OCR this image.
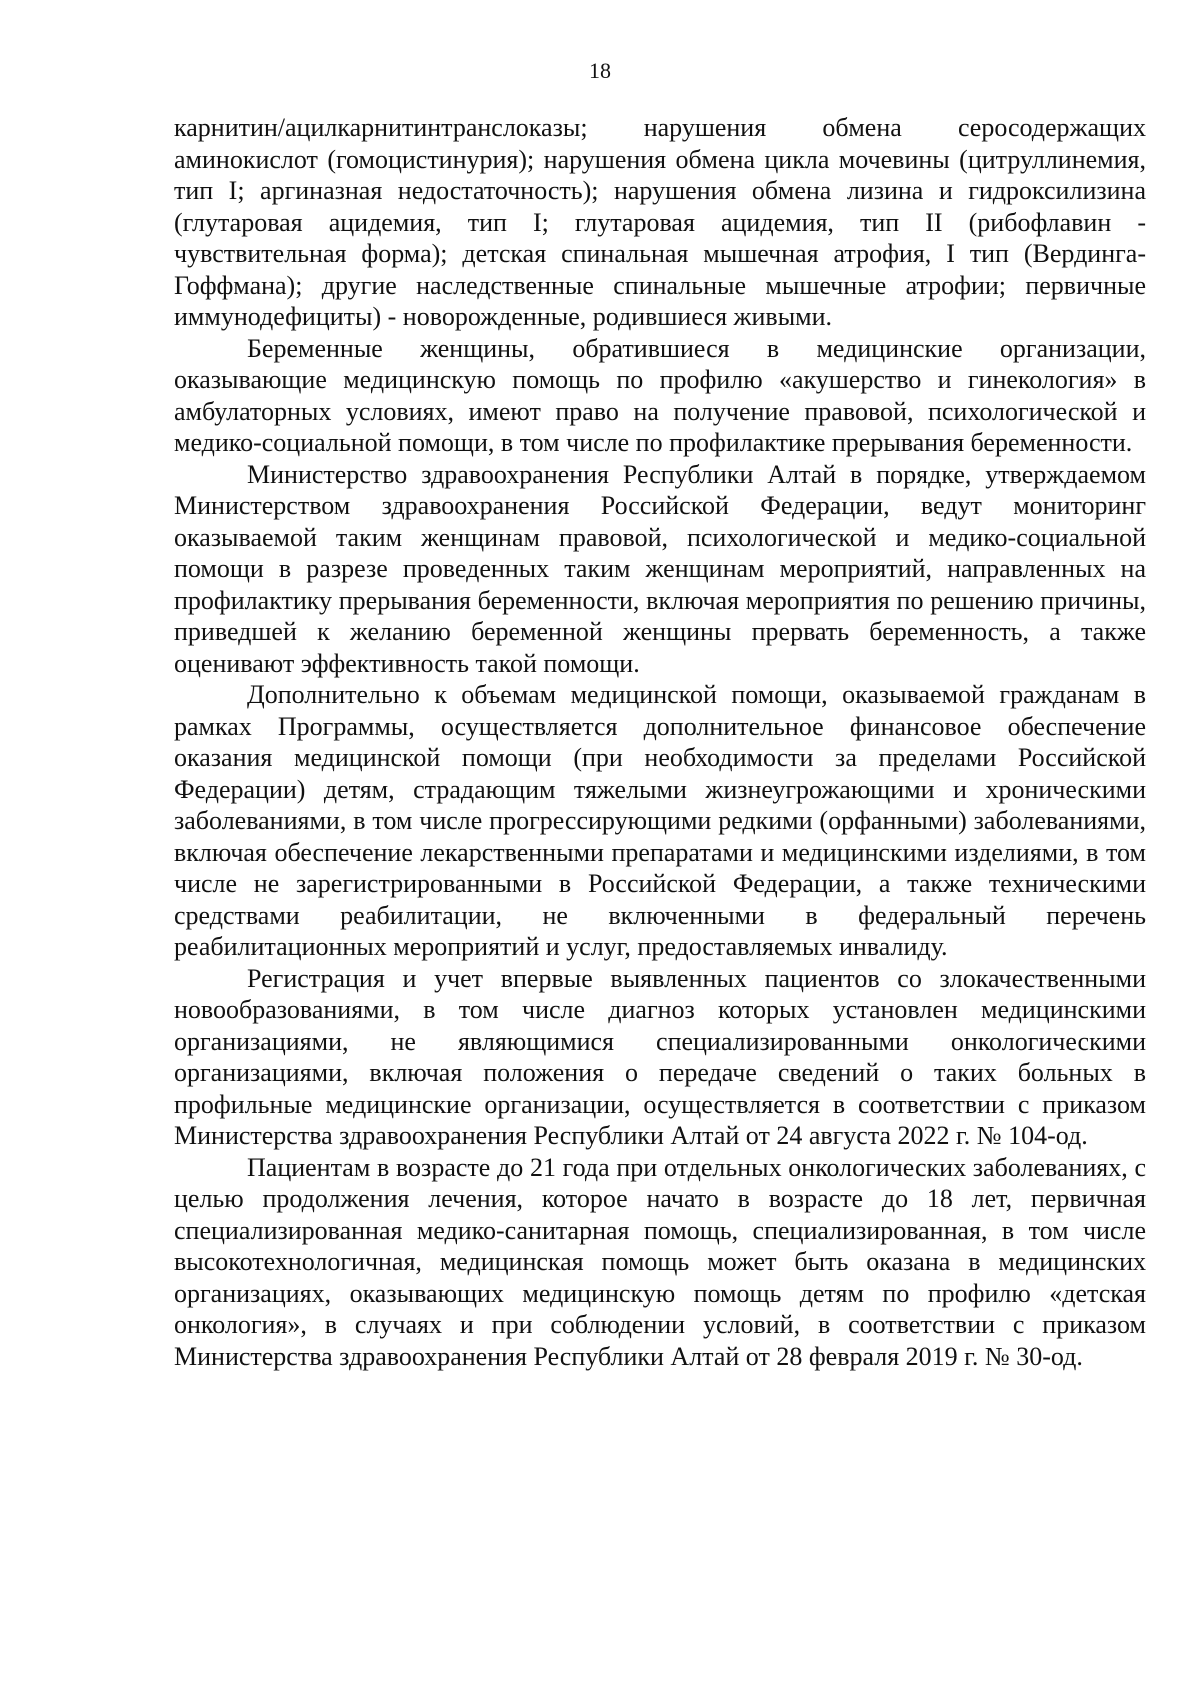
18

карнитин/ацилкарнитинтранслоказы; нарушения обмена серосодержащих аминокислот (гомоцистинурия); нарушения обмена цикла мочевины (цитруллинемия, тип I; аргиназная недостаточность); нарушения обмена лизина и гидроксилизина (глутаровая ацидемия, тип I; глутаровая ацидемия, тип II (рибофлавин - чувствительная форма); детская спинальная мышечная атрофия, I тип (Вердинга-Гоффмана); другие наследственные спинальные мышечные атрофии; первичные иммунодефициты) - новорожденные, родившиеся живыми.

Беременные женщины, обратившиеся в медицинские организации, оказывающие медицинскую помощь по профилю «акушерство и гинекология» в амбулаторных условиях, имеют право на получение правовой, психологической и медико-социальной помощи, в том числе по профилактике прерывания беременности.

Министерство здравоохранения Республики Алтай в порядке, утверждаемом Министерством здравоохранения Российской Федерации, ведут мониторинг оказываемой таким женщинам правовой, психологической и медико-социальной помощи в разрезе проведенных таким женщинам мероприятий, направленных на профилактику прерывания беременности, включая мероприятия по решению причины, приведшей к желанию беременной женщины прервать беременность, а также оценивают эффективность такой помощи.

Дополнительно к объемам медицинской помощи, оказываемой гражданам в рамках Программы, осуществляется дополнительное финансовое обеспечение оказания медицинской помощи (при необходимости за пределами Российской Федерации) детям, страдающим тяжелыми жизнеугрожающими и хроническими заболеваниями, в том числе прогрессирующими редкими (орфанными) заболеваниями, включая обеспечение лекарственными препаратами и медицинскими изделиями, в том числе не зарегистрированными в Российской Федерации, а также техническими средствами реабилитации, не включенными в федеральный перечень реабилитационных мероприятий и услуг, предоставляемых инвалиду.

Регистрация и учет впервые выявленных пациентов со злокачественными новообразованиями, в том числе диагноз которых установлен медицинскими организациями, не являющимися специализированными онкологическими организациями, включая положения о передаче сведений о таких больных в профильные медицинские организации, осуществляется в соответствии с приказом Министерства здравоохранения Республики Алтай от 24 августа 2022 г. № 104-од.

Пациентам в возрасте до 21 года при отдельных онкологических заболеваниях, с целью продолжения лечения, которое начато в возрасте до 18 лет, первичная специализированная медико-санитарная помощь, специализированная, в том числе высокотехнологичная, медицинская помощь может быть оказана в медицинских организациях, оказывающих медицинскую помощь детям по профилю «детская онкология», в случаях и при соблюдении условий, в соответствии с приказом Министерства здравоохранения Республики Алтай от 28 февраля 2019 г. № 30-од.
